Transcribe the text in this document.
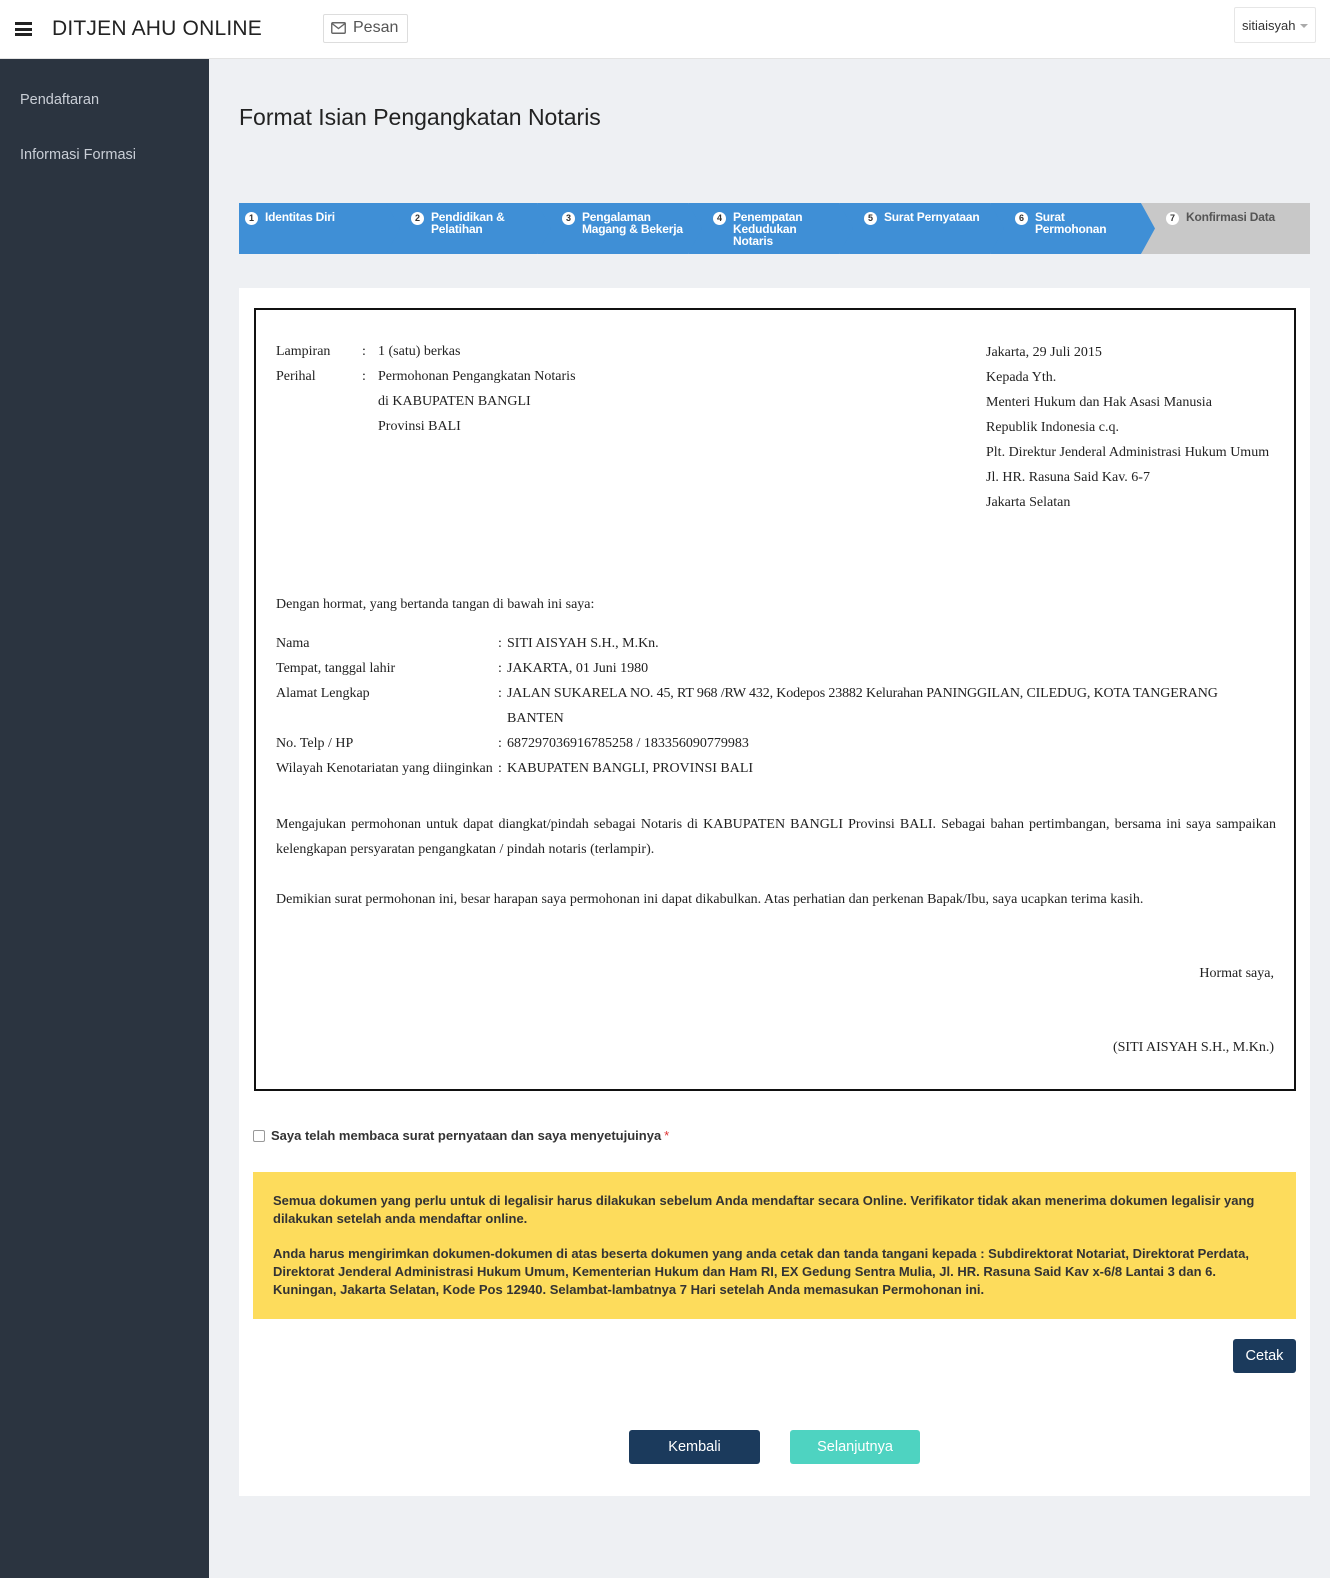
DITJEN AHU ONLINE	Pesan	sitiaisyah
Pendaftaran
Informasi Formasi
Format Isian Pengangkatan Notaris
1 Identitas Diri	2 Pendidikan &
Pelatihan
3 Pengalaman
Magang & Bekerja
4 Penempatan
Kedudukan
Notaris
5 Surat Pernyataan	6 Surat
Permohonan
7 Konfirmasi Data
Lampiran : 1 (satu) berkas
Perihal	: Permohonan Pengangkatan Notaris
di KABUPATEN BANGLI
Provinsi BALI
Jakarta, 29 Juli 2015
Kepada Yth.
Menteri Hukum dan Hak Asasi Manusia
Republik Indonesia c.q.
Plt. Direktur Jenderal Administrasi Hukum Umum
Jl. HR. Rasuna Said Kav. 6-7
Jakarta Selatan
Dengan hormat, yang bertanda tangan di bawah ini saya:
Nama	: SITI AISYAH S.H., M.Kn.
Tempat, tanggal lahir	: JAKARTA, 01 Juni 1980
Alamat Lengkap	: JALAN SUKARELA NO. 45, RT 968 /RW 432, Kodepos 23882 Kelurahan PANINGGILAN, CILEDUG, KOTA TANGERANG
BANTEN
No. Telp / HP	: 687297036916785258 / 183356090779983
Wilayah Kenotariatan yang diinginkan : KABUPATEN BANGLI, PROVINSI BALI
Mengajukan permohonan untuk dapat diangkat/pindah sebagai Notaris di KABUPATEN BANGLI Provinsi BALI. Sebagai bahan pertimbangan, bersama ini saya sampaikan kelengkapan persyaratan pengangkatan / pindah notaris (terlampir).
Demikian surat permohonan ini, besar harapan saya permohonan ini dapat dikabulkan. Atas perhatian dan perkenan Bapak/Ibu, saya ucapkan terima kasih.
Hormat saya,
(SITI AISYAH S.H., M.Kn.)
Saya telah membaca surat pernyataan dan saya menyetujuinya *

Semua dokumen yang perlu untuk di legalisir harus dilakukan sebelum Anda mendaftar secara Online. Verifikator tidak akan menerima dokumen legalisir yang dilakukan setelah anda mendaftar online.

Anda harus mengirimkan dokumen-dokumen di atas beserta dokumen yang anda cetak dan tanda tangani kepada : Subdirektorat Notariat, Direktorat Perdata, Direktorat Jenderal Administrasi Hukum Umum, Kementerian Hukum dan Ham RI, EX Gedung Sentra Mulia, Jl. HR. Rasuna Said Kav x-6/8 Lantai 3 dan 6. Kuningan, Jakarta Selatan, Kode Pos 12940. Selambat-lambatnya 7 Hari setelah Anda memasukan Permohonan ini.

Cetak
Kembali	Selanjutnya
